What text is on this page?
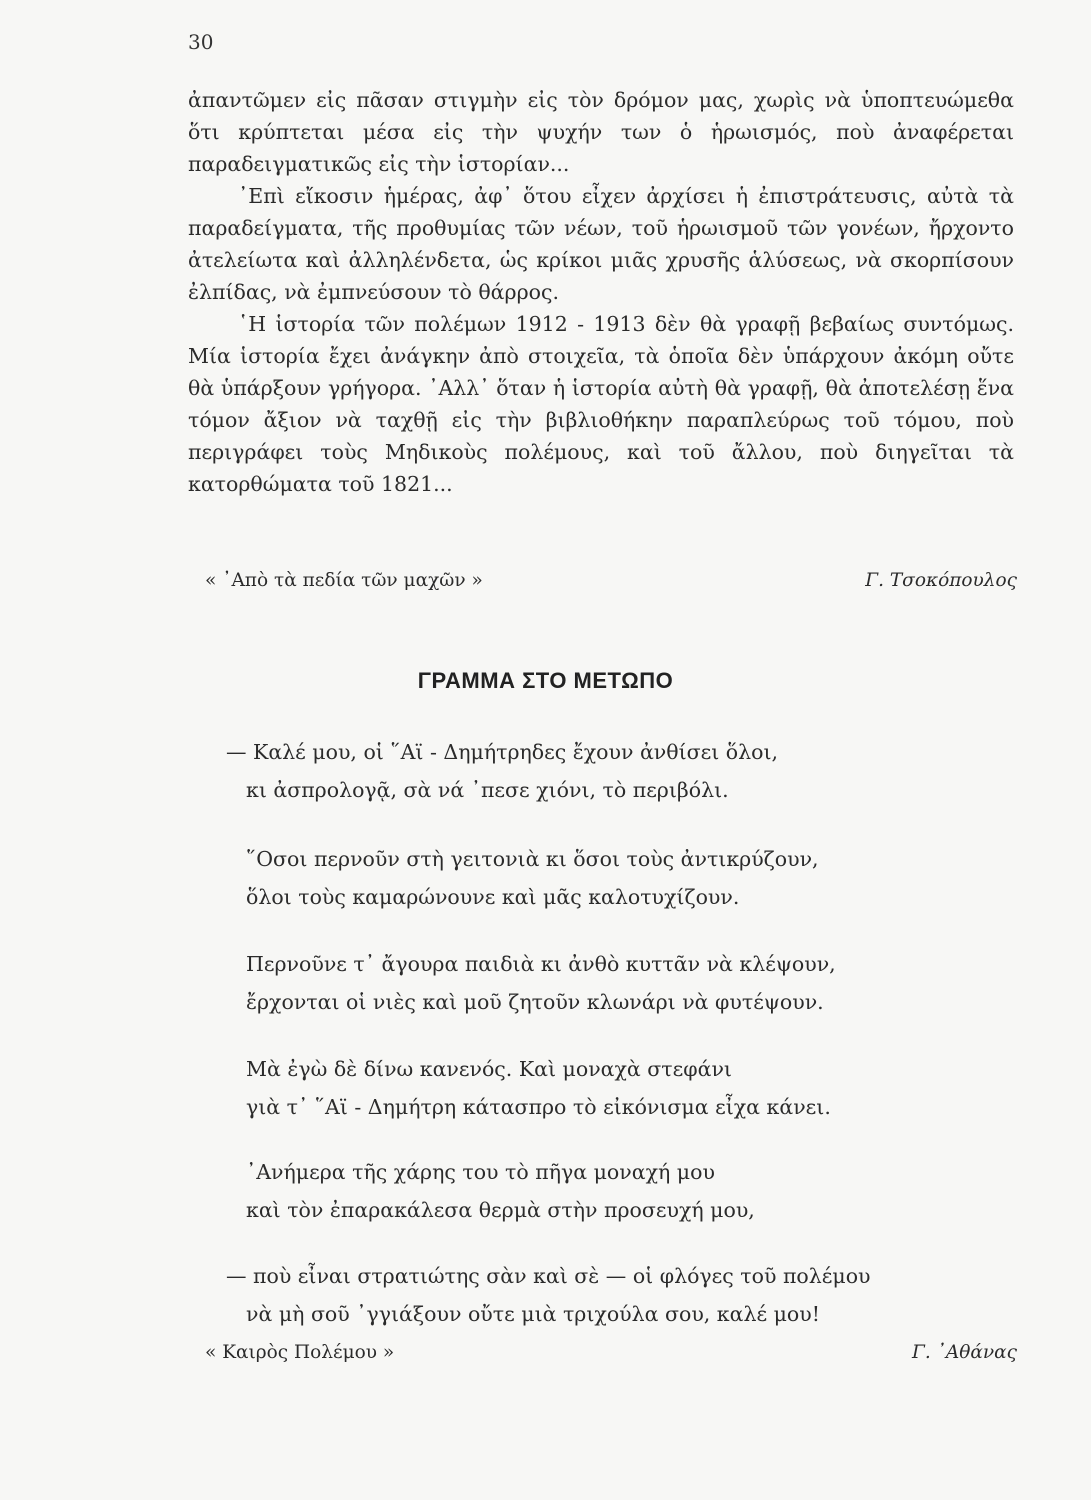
30

ἀπαντῶμεν εἰς πᾶσαν στιγμὴν εἰς τὸν δρόμον μας, χωρὶς νὰ ὑποπτευώμεθα ὅτι κρύπτεται μέσα εἰς τὴν ψυχήν των ὁ ἡρωισμός, ποὺ ἀναφέρεται παραδειγματικῶς εἰς τὴν ἱστορίαν...

᾿Επὶ εἴκοσιν ἡμέρας, ἀφ᾿ ὅτου εἶχεν ἀρχίσει ἡ ἐπιστράτευσις, αὐτὰ τὰ παραδείγματα, τῆς προθυμίας τῶν νέων, τοῦ ἡρωισμοῦ τῶν γονέων, ἤρχοντο ἀτελείωτα καὶ ἀλληλένδετα, ὡς κρίκοι μιᾶς χρυσῆς ἁλύσεως, νὰ σκορπίσουν ἐλπίδας, νὰ ἐμπνεύσουν τὸ θάρρος.

῾Η ἱστορία τῶν πολέμων 1912 - 1913 δὲν θὰ γραφῇ βεβαίως συντόμως. Μία ἱστορία ἔχει ἀνάγκην ἀπὸ στοιχεῖα, τὰ ὁποῖα δὲν ὑπάρχουν ἀκόμη οὔτε θὰ ὑπάρξουν γρήγορα. ᾿Αλλ᾿ ὅταν ἡ ἱστορία αὐτὴ θὰ γραφῇ, θὰ ἀποτελέσῃ ἕνα τόμον ἄξιον νὰ ταχθῇ εἰς τὴν βιβλιοθήκην παραπλεύρως τοῦ τόμου, ποὺ περιγράφει τοὺς Μηδικοὺς πολέμους, καὶ τοῦ ἄλλου, ποὺ διηγεῖται τὰ κατορθώματα τοῦ 1821...

« ᾿Απὸ τὰ πεδία τῶν μαχῶν »	Γ. Τσοκόπουλος
ΓΡΑΜΜΑ ΣΤΟ ΜΕΤΩΠΟ
— Καλέ μου, οἱ ῞Αϊ - Δημήτρηδες ἔχουν ἀνθίσει ὅλοι,
κι ἀσπρολογᾷ, σὰ νά ᾿πεσε χιόνι, τὸ περιβόλι.
῞Οσοι περνοῦν στὴ γειτονιὰ κι ὅσοι τοὺς ἀντικρύζουν,
ὅλοι τοὺς καμαρώνουνε καὶ μᾶς καλοτυχίζουν.
Περνοῦνε τ᾿ ἄγουρα παιδιὰ κι ἀνθὸ κυττᾶν νὰ κλέψουν,
ἔρχονται οἱ νιὲς καὶ μοῦ ζητοῦν κλωνάρι νὰ φυτέψουν.
Μὰ ἐγὼ δὲ δίνω κανενός. Καὶ μοναχὰ στεφάνι
γιὰ τ᾿ ῞Αϊ - Δημήτρη κάτασπρο τὸ εἰκόνισμα εἶχα κάνει.
᾿Ανήμερα τῆς χάρης του τὸ πῆγα μοναχή μου
καὶ τὸν ἐπαρακάλεσα θερμὰ στὴν προσευχή μου,
— ποὺ εἶναι στρατιώτης σὰν καὶ σὲ — οἱ φλόγες τοῦ πολέμου
νὰ μὴ σοῦ ᾿γγιάξουν οὔτε μιὰ τριχούλα σου, καλέ μου!
« Καιρὸς Πολέμου »	Γ. ᾿Αθάνας
